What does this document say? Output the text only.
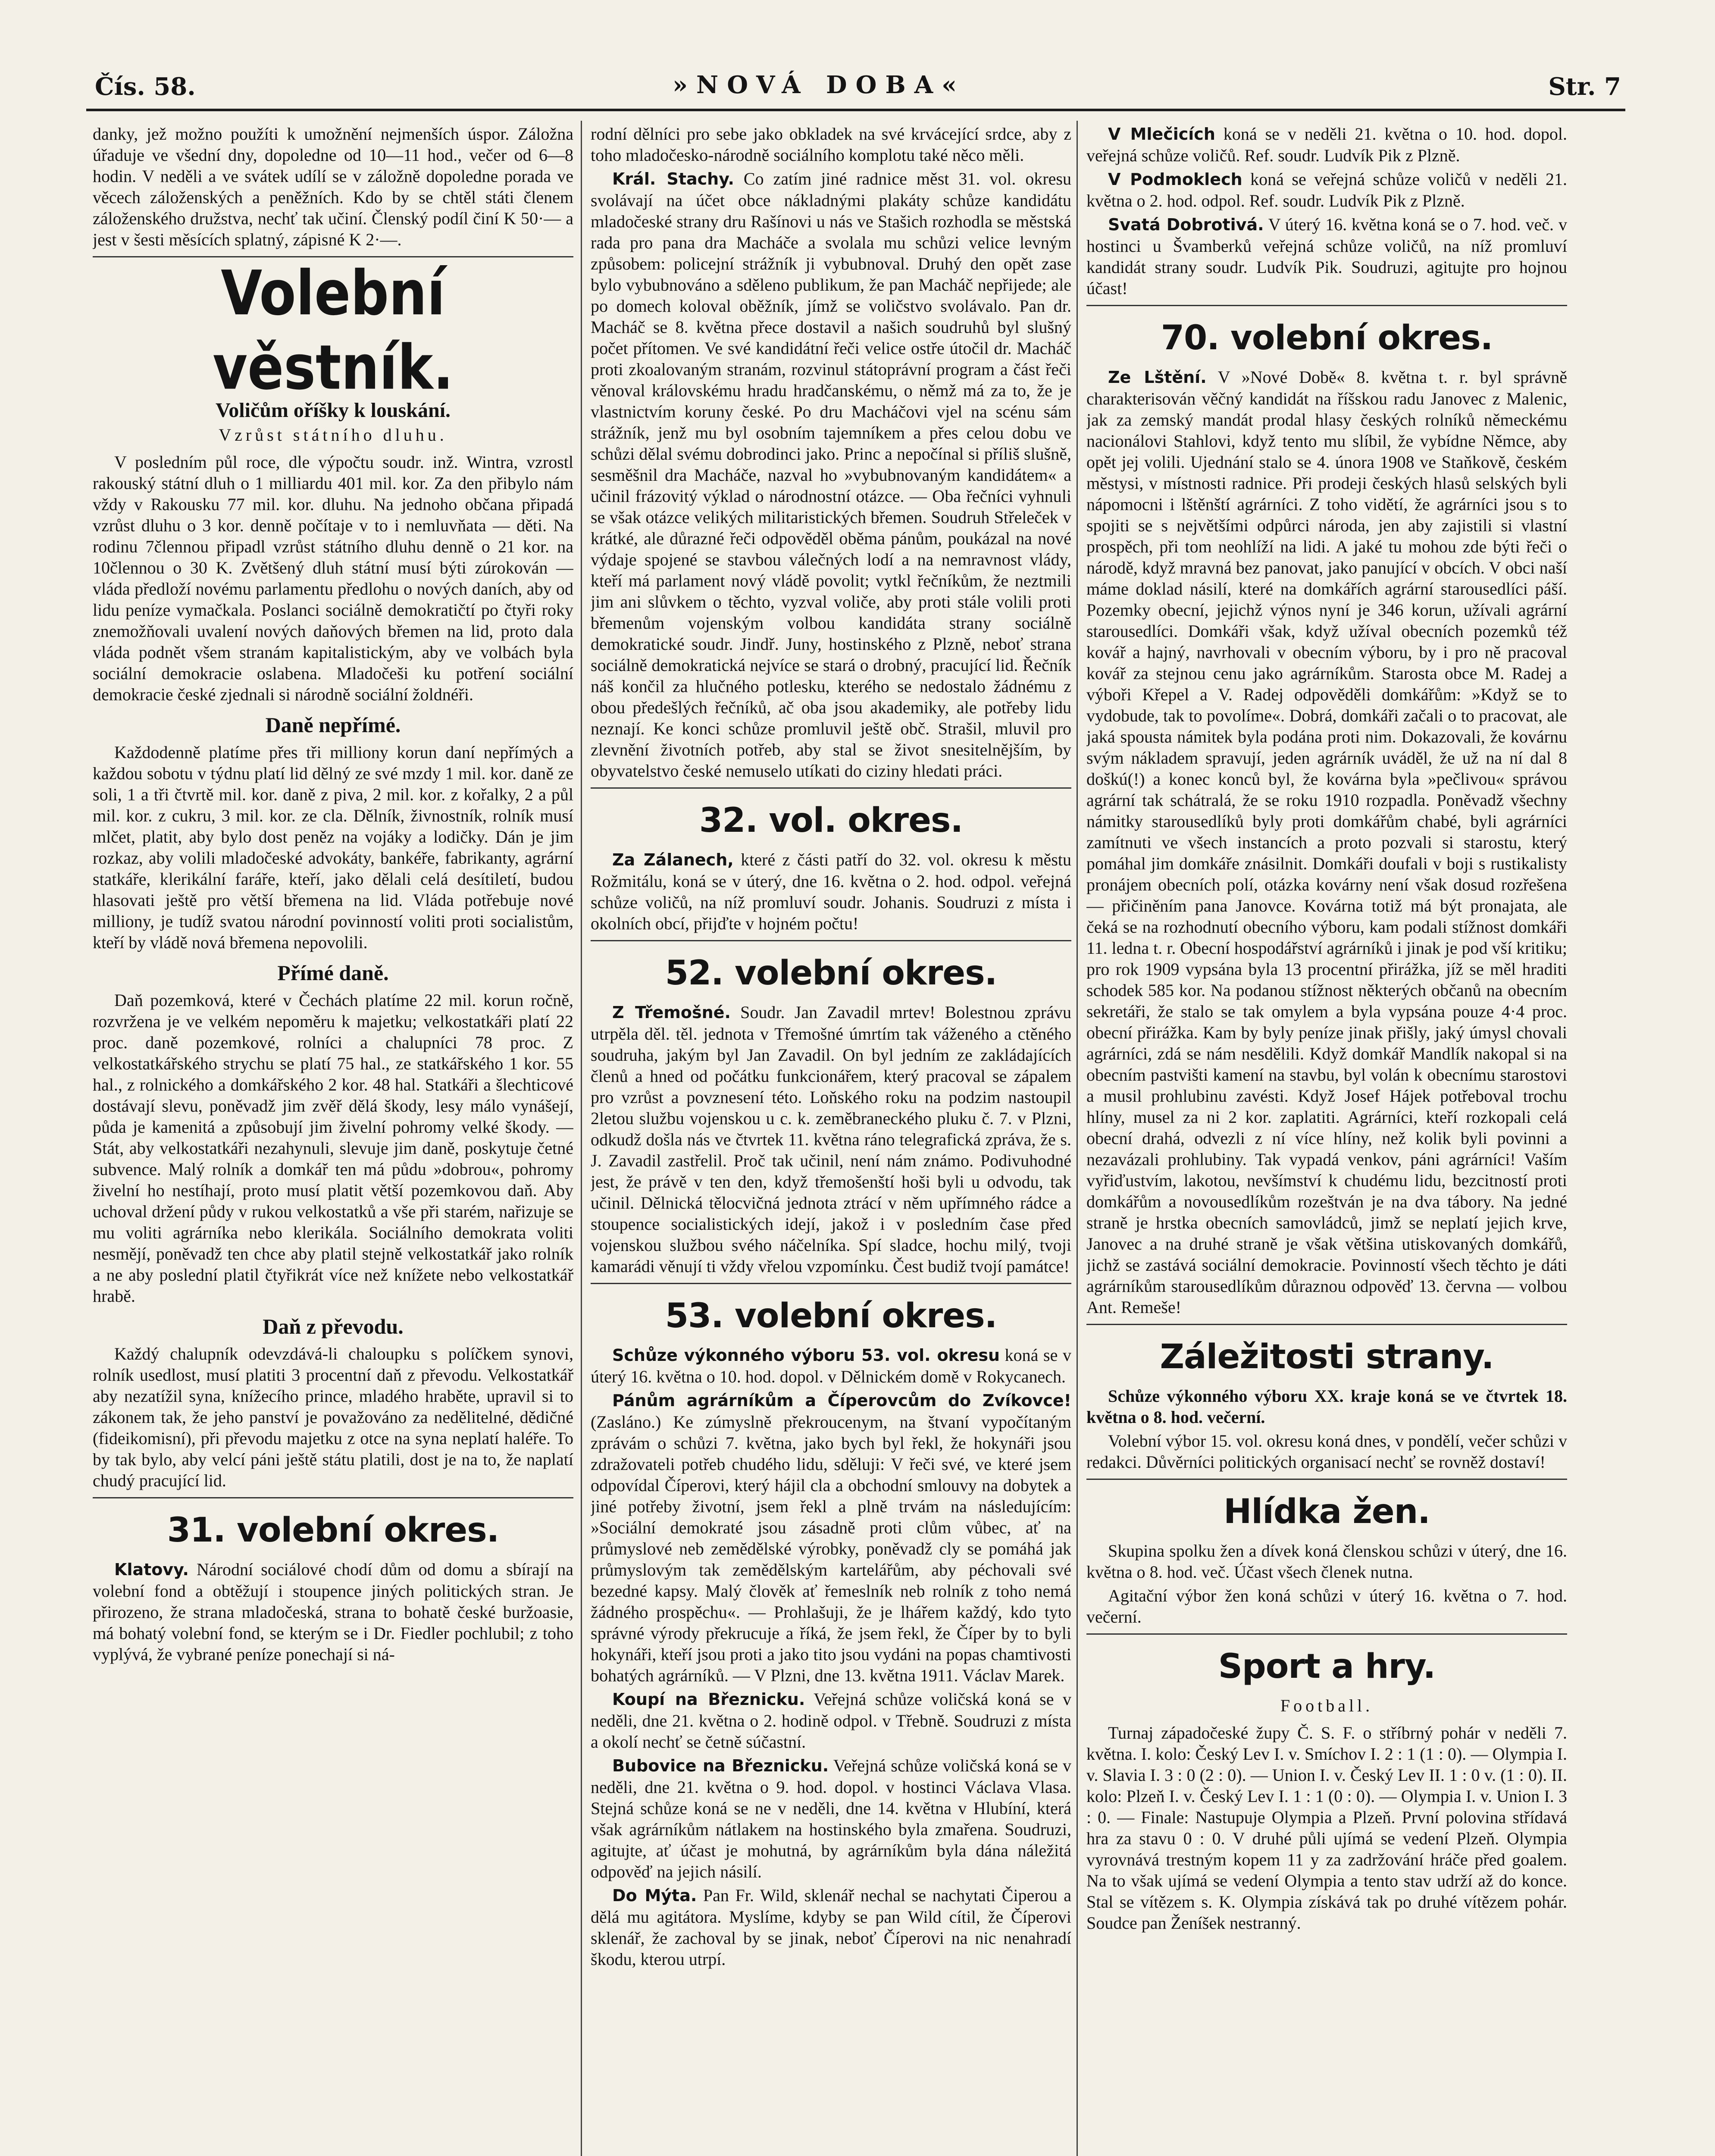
Čís. 58.	»NOVÁ DOBA«	Str. 7

danky, jež možno použíti k umožnění nejmenších úspor. Záložna úřaduje ve všední dny, dopoledne od 10—11 hod., večer od 6—8 hodin. V neděli a ve svátek udílí se v záložně dopoledne porada ve věcech záloženských a peněžních. Kdo by se chtěl státi členem záloženského družstva, nechť tak učiní. Členský podíl činí K 50·— a jest v šesti měsících splatný, zápisné K 2·—.

Volební věstník.
Voličům oříšky k louskání.
Vzrůst státního dluhu.

V posledním půl roce, dle výpočtu soudr. inž. Wintra, vzrostl rakouský státní dluh o 1 milliardu 401 mil. kor. Za den přibylo nám vždy v Rakousku 77 mil. kor. dluhu. Na jednoho občana připadá vzrůst dluhu o 3 kor. denně počítaje v to i nemluvňata — děti. Na rodinu 7člennou připadl vzrůst státního dluhu denně o 21 kor. na 10člennou o 30 K. Zvětšený dluh státní musí býti zúrokován — vláda předloží novému parlamentu předlohu o nových daních, aby od lidu peníze vymačkala. Poslanci sociálně demokratičtí po čtyři roky znemožňovali uvalení nových daňových břemen na lid, proto dala vláda podnět všem stranám kapitalistickým, aby ve volbách byla sociální demokracie oslabena. Mladočeši ku potření sociální demokracie české zjednali si národně sociální žoldnéři.

Daně nepřímé.

Každodenně platíme přes tři milliony korun daní nepřímých a každou sobotu v týdnu platí lid dělný ze své mzdy 1 mil. kor. daně ze soli, 1 a tři čtvrtě mil. kor. daně z piva, 2 mil. kor. z kořalky, 2 a půl mil. kor. z cukru, 3 mil. kor. ze cla. Dělník, živnostník, rolník musí mlčet, platit, aby bylo dost peněz na vojáky a lodičky. Dán je jim rozkaz, aby volili mladočeské advokáty, bankéře, fabrikanty, agrární statkáře, klerikální faráře, kteří, jako dělali celá desítiletí, budou hlasovati ještě pro větší břemena na lid. Vláda potřebuje nové milliony, je tudíž svatou národní povinností voliti proti socialistům, kteří by vládě nová břemena nepovolili.

Přímé daně.

Daň pozemková, které v Čechách platíme 22 mil. korun ročně, rozvržena je ve velkém nepoměru k majetku; velkostatkáři platí 22 proc. daně pozemkové, rolníci a chalupníci 78 proc. Z velkostatkářského strychu se platí 75 hal., ze statkářského 1 kor. 55 hal., z rolnického a domkářského 2 kor. 48 hal. Statkáři a šlechticové dostávají slevu, poněvadž jim zvěř dělá škody, lesy málo vynášejí, půda je kamenitá a způsobují jim živelní pohromy velké škody. — Stát, aby velkostatkáři nezahynuli, slevuje jim daně, poskytuje četné subvence. Malý rolník a domkář ten má půdu »dobrou«, pohromy živelní ho nestíhají, proto musí platit větší pozemkovou daň. Aby uchoval držení půdy v rukou velkostatků a vše při starém, nařizuje se mu voliti agrárníka nebo klerikála. Sociálního demokrata voliti nesmějí, poněvadž ten chce aby platil stejně velkostatkář jako rolník a ne aby poslední platil čtyřikrát více než knížete nebo velkostatkář hrabě.

Daň z převodu.

Každý chalupník odevzdává-li chaloupku s políčkem synovi, rolník usedlost, musí platiti 3 procentní daň z převodu. Velkostatkář aby nezatížil syna, knížecího prince, mladého hraběte, upravil si to zákonem tak, že jeho panství je považováno za nedělitelné, dědičné (fideikomisní), při převodu majetku z otce na syna neplatí haléře. To by tak bylo, aby velcí páni ještě státu platili, dost je na to, že naplatí chudý pracující lid.

31. volební okres.

Klatovy. Národní sociálové chodí dům od domu a sbírají na volební fond a obtěžují i stoupence jiných politických stran. Je přirozeno, že strana mladočeská, strana to bohatě české buržoasie, má bohatý volební fond, se kterým se i Dr. Fiedler pochlubil; z toho vyplývá, že vybrané peníze ponechají si ná-

rodní dělníci pro sebe jako obkladek na své krvácející srdce, aby z toho mladočesko-národně sociálního komplotu také něco měli.

Král. Stachy. Co zatím jiné radnice měst 31. vol. okresu svolávají na účet obce nákladnými plakáty schůze kandidátu mladočeské strany dru Rašínovi u nás ve Stašich rozhodla se městská rada pro pana dra Macháče a svolala mu schůzi velice levným způsobem: policejní strážník ji vybubnoval. Druhý den opět zase bylo vybubnováno a sděleno publikum, že pan Macháč nepřijede; ale po domech koloval oběžník, jímž se voličstvo svolávalo. Pan dr. Macháč se 8. května přece dostavil a našich soudruhů byl slušný počet přítomen. Ve své kandidátní řeči velice ostře útočil dr. Macháč proti zkoalovaným stranám, rozvinul státoprávní program a část řeči věnoval královskému hradu hradčanskému, o němž má za to, že je vlastnictvím koruny české. Po dru Macháčovi vjel na scénu sám strážník, jenž mu byl osobním tajemníkem a přes celou dobu ve schůzi dělal svému dobrodinci jako. Princ a nepočínal si příliš slušně, sesměšnil dra Macháče, nazval ho »vybubnovaným kandidátem« a učinil frázovitý výklad o národnostní otázce. — Oba řečníci vyhnuli se však otázce velikých militaristických břemen. Soudruh Střeleček v krátké, ale důrazné řeči odpověděl oběma pánům, poukázal na nové výdaje spojené se stavbou válečných lodí a na nemravnost vlády, kteří má parlament nový vládě povolit; vytkl řečníkům, že neztmili jim ani slůvkem o těchto, vyzval voliče, aby proti stále volili proti břemenům vojenským volbou kandidáta strany sociálně demokratické soudr. Jindř. Juny, hostinského z Plzně, neboť strana sociálně demokratická nejvíce se stará o drobný, pracující lid. Řečník náš končil za hlučného potlesku, kterého se nedostalo žádnému z obou předešlých řečníků, ač oba jsou akademiky, ale potřeby lidu neznají. Ke konci schůze promluvil ještě obč. Strašil, mluvil pro zlevnění životních potřeb, aby stal se život snesitelnějším, by obyvatelstvo české nemuselo utíkati do ciziny hledati práci.

32. vol. okres.

Za Zálanech, které z části patří do 32. vol. okresu k městu Rožmitálu, koná se v úterý, dne 16. května o 2. hod. odpol. veřejná schůze voličů, na níž promluví soudr. Johanis. Soudruzi z místa i okolních obcí, přijďte v hojném počtu!

52. volební okres.

Z Třemošné. Soudr. Jan Zavadil mrtev! Bolestnou zprávu utrpěla děl. těl. jednota v Třemošné úmrtím tak váženého a ctěného soudruha, jakým byl Jan Zavadil. On byl jedním ze zakládajících členů a hned od počátku funkcionářem, který pracoval se zápalem pro vzrůst a povznesení této. Loňského roku na podzim nastoupil 2letou službu vojenskou u c. k. zeměbraneckého pluku č. 7. v Plzni, odkudž došla nás ve čtvrtek 11. května ráno telegrafická zpráva, že s. J. Zavadil zastřelil. Proč tak učinil, není nám známo. Podivuhodné jest, že právě v ten den, když třemošenští hoši byli u odvodu, tak učinil. Dělnická tělocvičná jednota ztrácí v něm upřímného rádce a stoupence socialistických idejí, jakož i v posledním čase před vojenskou službou svého náčelníka. Spí sladce, hochu milý, tvoji kamarádi věnují ti vždy vřelou vzpomínku. Čest budiž tvojí památce!

53. volební okres.

Schůze výkonného výboru 53. vol. okresu koná se v úterý 16. května o 10. hod. dopol. v Dělnickém domě v Rokycanech.

Pánům agrárníkům a Číperovcům do Zvíkovce! (Zasláno.) Ke zúmyslně překroucenym, na štvaní vypočítaným zprávám o schůzi 7. května, jako bych byl řekl, že hokynáři jsou zdražovateli potřeb chudého lidu, sděluji: V řeči své, ve které jsem odpovídal Číperovi, který hájil cla a obchodní smlouvy na dobytek a jiné potřeby životní, jsem řekl a plně trvám na následujícím: »Sociální demokraté jsou zásadně proti clům vůbec, ať na průmyslové neb zemědělské výrobky, poněvadž cly se pomáhá jak průmyslovým tak zemědělským kartelářům, aby péchovali své bezedné kapsy. Malý člověk ať řemeslník neb rolník z toho nemá žádného prospěchu«. — Prohlašuji, že je lhářem každý, kdo tyto správné výrody překrucuje a říká, že jsem řekl, že Číper by to byli hokynáři, kteří jsou proti a jako tito jsou vydáni na popas chamtivosti bohatých agrárníků. — V Plzni, dne 13. května 1911. Václav Marek.

Koupí na Březnicku. Veřejná schůze voličská koná se v neděli, dne 21. května o 2. hodině odpol. v Třebně. Soudruzi z místa a okolí nechť se četně súčastní.

Bubovice na Březnicku. Veřejná schůze voličská koná se v neděli, dne 21. května o 9. hod. dopol. v hostinci Václava Vlasa. Stejná schůze koná se ne v neděli, dne 14. května v Hlubíní, která však agrárníkům nátlakem na hostinského byla zmařena. Soudruzi, agitujte, ať účast je mohutná, by agrárníkům byla dána náležitá odpověď na jejich násilí.

Do Mýta. Pan Fr. Wild, sklenář nechal se nachytati Čiperou a dělá mu agitátora. Myslíme, kdyby se pan Wild cítil, že Číperovi sklenář, že zachoval by se jinak, neboť Číperovi na nic nenahradí škodu, kterou utrpí.

V Mlečicích koná se v neděli 21. května o 10. hod. dopol. veřejná schůze voličů. Ref. soudr. Ludvík Pik z Plzně.

V Podmoklech koná se veřejná schůze voličů v neděli 21. května o 2. hod. odpol. Ref. soudr. Ludvík Pik z Plzně.

Svatá Dobrotivá. V úterý 16. května koná se o 7. hod. več. v hostinci u Švamberků veřejná schůze voličů, na níž promluví kandidát strany soudr. Ludvík Pik. Soudruzi, agitujte pro hojnou účast!

70. volební okres.

Ze Lštění. V »Nové Době« 8. května t. r. byl správně charakterisován věčný kandidát na říšskou radu Janovec z Malenic, jak za zemský mandát prodal hlasy českých rolníků německému nacionálovi Stahlovi, když tento mu slíbil, že vybídne Němce, aby opět jej volili. Ujednání stalo se 4. února 1908 ve Staňkově, českém městysi, v místnosti radnice. Při prodeji českých hlasů selských byli nápomocni i lštěnští agrárníci. Z toho vidětí, že agrárníci jsou s to spojiti se s největšími odpůrci národa, jen aby zajistili si vlastní prospěch, při tom neohlíží na lidi. A jaké tu mohou zde býti řeči o národě, když mravná bez panovat, jako panující v obcích. V obci naší máme doklad násilí, které na domkářích agrární starousedlíci páší. Pozemky obecní, jejichž výnos nyní je 346 korun, užívali agrární starousedlíci. Domkáři však, když užíval obecních pozemků též kovář a hajný, navrhovali v obecním výboru, by i pro ně pracoval kovář za stejnou cenu jako agrárníkům. Starosta obce M. Radej a výboři Křepel a V. Radej odpověděli domkářům: »Když se to vydobude, tak to povolíme«. Dobrá, domkáři začali o to pracovat, ale jaká spousta námitek byla podána proti nim. Dokazovali, že kovárnu svým nákladem spravují, jeden agrárník uváděl, že už na ní dal 8 doškú(!) a konec konců byl, že kovárna byla »pečlivou« správou agrární tak schátralá, že se roku 1910 rozpadla. Poněvadž všechny námitky starousedlíků byly proti domkářům chabé, byli agrárníci zamítnuti ve všech instancích a proto pozvali si starostu, který pomáhal jim domkáře znásilnit. Domkáři doufali v boji s rustikalisty pronájem obecních polí, otázka kovárny není však dosud rozřešena — přičiněním pana Janovce. Kovárna totiž má být pronajata, ale čeká se na rozhodnutí obecního výboru, kam podali stížnost domkáři 11. ledna t. r. Obecní hospodářství agrárníků i jinak je pod vší kritiku; pro rok 1909 vypsána byla 13 procentní přirážka, jíž se měl hraditi schodek 585 kor. Na podanou stížnost některých občanů na obecním sekretáři, že stalo se tak omylem a byla vypsána pouze 4·4 proc. obecní přirážka. Kam by byly peníze jinak přišly, jaký úmysl chovali agrárníci, zdá se nám nesdělili. Když domkář Mandlík nakopal si na obecním pastvišti kamení na stavbu, byl volán k obecnímu starostovi a musil prohlubinu zavésti. Když Josef Hájek potřeboval trochu hlíny, musel za ni 2 kor. zaplatiti. Agrárníci, kteří rozkopali celá obecní drahá, odvezli z ní více hlíny, než kolik byli povinni a nezavázali prohlubiny. Tak vypadá venkov, páni agrárníci! Vaším vyřiďustvím, lakotou, nevšímství k chudému lidu, bezcitností proti domkářům a novousedlíkům rozeštván je na dva tábory. Na jedné straně je hrstka obecních samovládců, jimž se neplatí jejich krve, Janovec a na druhé straně je však většina utiskovaných domkářů, jichž se zastává sociální demokracie. Povinností všech těchto je dáti agrárníkům starousedlíkům důraznou odpověď 13. června — volbou Ant. Remeše!

Záležitosti strany.

Schůze výkonného výboru XX. kraje koná se ve čtvrtek 18. května o 8. hod. večerní.

Volební výbor 15. vol. okresu koná dnes, v pondělí, večer schůzi v redakci. Důvěrníci politických organisací nechť se rovněž dostaví!

Hlídka žen.

Skupina spolku žen a dívek koná členskou schůzi v úterý, dne 16. května o 8. hod. več. Účast všech členek nutna.

Agitační výbor žen koná schůzi v úterý 16. května o 7. hod. večerní.

Sport a hry.
Football.

Turnaj západočeské župy Č. S. F. o stříbrný pohár v neděli 7. května. I. kolo: Český Lev I. v. Smíchov I. 2 : 1 (1 : 0). — Olympia I. v. Slavia I. 3 : 0 (2 : 0). — Union I. v. Český Lev II. 1 : 0 v. (1 : 0). II. kolo: Plzeň I. v. Český Lev I. 1 : 1 (0 : 0). — Olympia I. v. Union I. 3 : 0. — Finale: Nastupuje Olympia a Plzeň. První polovina střídavá hra za stavu 0 : 0. V druhé půli ujímá se vedení Plzeň. Olympia vyrovnává trestným kopem 11 y za zadržování hráče před goalem. Na to však ujímá se vedení Olympia a tento stav udrží až do konce. Stal se vítězem s. K. Olympia získává tak po druhé vítězem pohár. Soudce pan Ženíšek nestranný.
